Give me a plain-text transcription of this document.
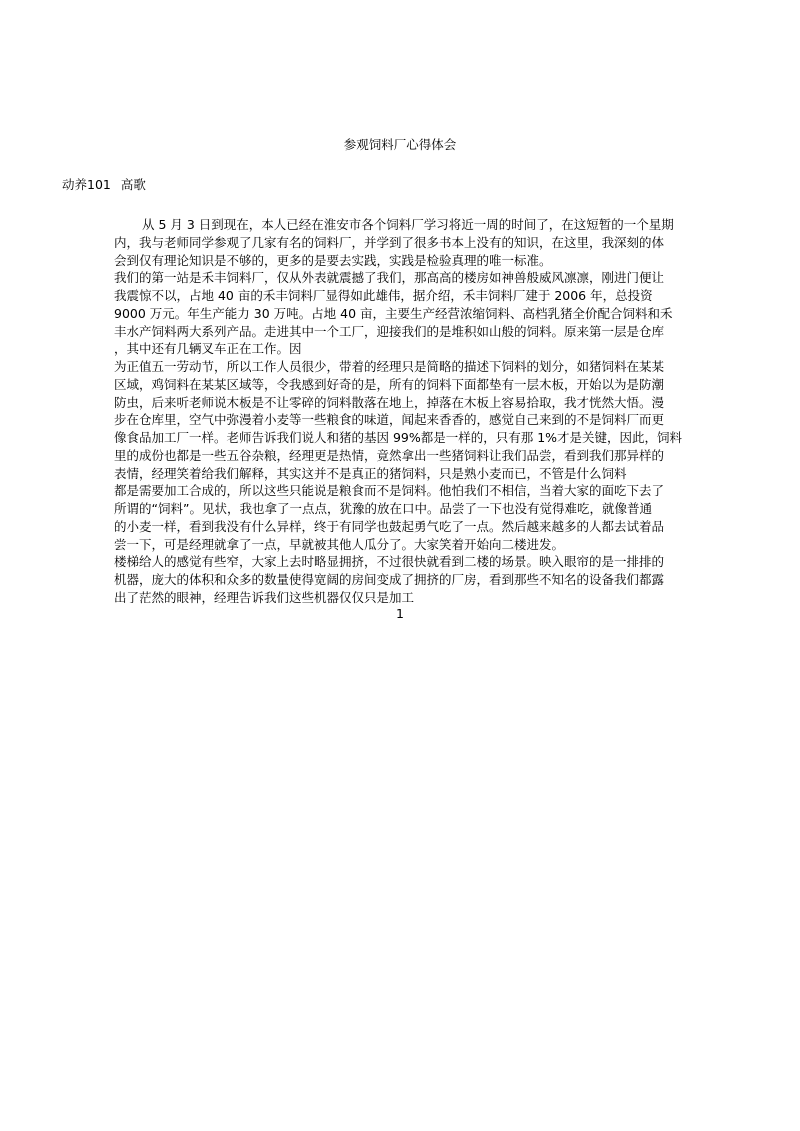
参观饲料厂心得体会
动养101 高歌
从 5 月 3 日到现在，本人已经在淮安市各个饲料厂学习将近一周的时间了，在这短暂的一个星期
内，我与老师同学参观了几家有名的饲料厂，并学到了很多书本上没有的知识，在这里，我深刻的体
会到仅有理论知识是不够的，更多的是要去实践，实践是检验真理的唯一标准。
我们的第一站是禾丰饲料厂，仅从外表就震撼了我们，那高高的楼房如神兽般威风凛凛，刚进门便让
我震惊不以，占地 40 亩的禾丰饲料厂显得如此雄伟，据介绍，禾丰饲料厂建于 2006 年，总投资
9000 万元。年生产能力 30 万吨。占地 40 亩，主要生产经营浓缩饲料、高档乳猪全价配合饲料和禾
丰水产饲料两大系列产品。走进其中一个工厂，迎接我们的是堆积如山般的饲料。原来第一层是仓库
，其中还有几辆叉车正在工作。因
为正值五一劳动节，所以工作人员很少，带着的经理只是简略的描述下饲料的划分，如猪饲料在某某
区域，鸡饲料在某某区域等，令我感到好奇的是，所有的饲料下面都垫有一层木板，开始以为是防潮
防虫，后来听老师说木板是不让零碎的饲料散落在地上，掉落在木板上容易拾取，我才恍然大悟。漫
步在仓库里，空气中弥漫着小麦等一些粮食的味道，闻起来香香的，感觉自己来到的不是饲料厂而更
像食品加工厂一样。老师告诉我们说人和猪的基因 99%都是一样的，只有那 1%才是关键，因此，饲料
里的成份也都是一些五谷杂粮，经理更是热情，竟然拿出一些猪饲料让我们品尝，看到我们那异样的
表情，经理笑着给我们解释，其实这并不是真正的猪饲料，只是熟小麦而已，不管是什么饲料
都是需要加工合成的，所以这些只能说是粮食而不是饲料。他怕我们不相信，当着大家的面吃下去了
所谓的“饲料”。见状，我也拿了一点点，犹豫的放在口中。品尝了一下也没有觉得难吃，就像普通
的小麦一样，看到我没有什么异样，终于有同学也鼓起勇气吃了一点。然后越来越多的人都去试着品
尝一下，可是经理就拿了一点，早就被其他人瓜分了。大家笑着开始向二楼进发。
楼梯给人的感觉有些窄，大家上去时略显拥挤，不过很快就看到二楼的场景。映入眼帘的是一排排的
机器，庞大的体积和众多的数量使得宽阔的房间变成了拥挤的厂房，看到那些不知名的设备我们都露
出了茫然的眼神，经理告诉我们这些机器仅仅只是加工
1
